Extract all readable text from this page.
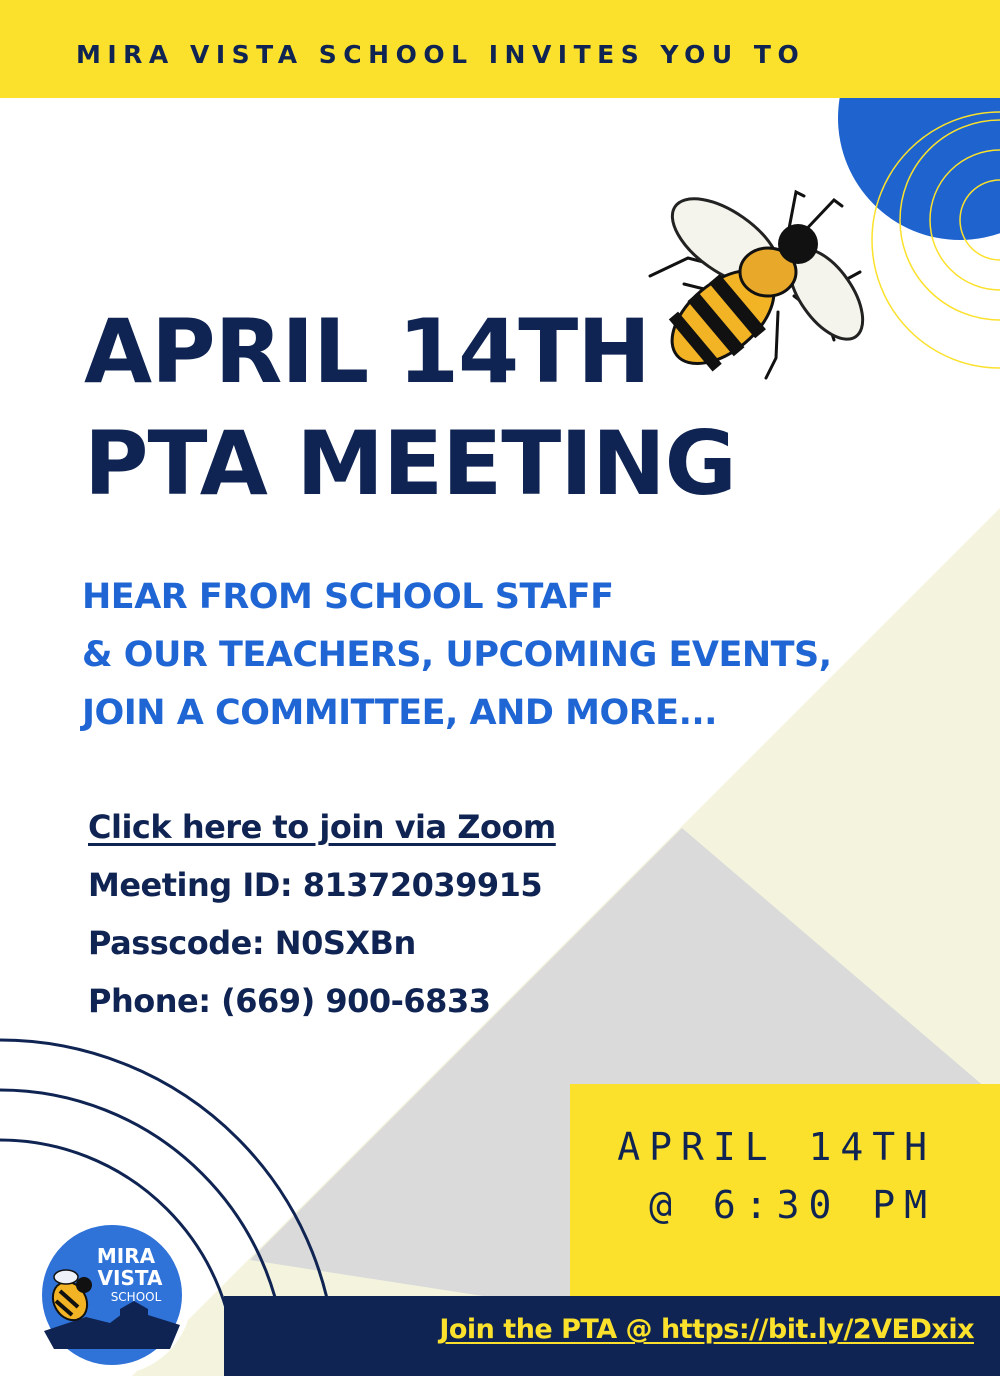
MIRA VISTA SCHOOL INVITES YOU TO
APRIL 14TH
PTA MEETING
HEAR FROM SCHOOL STAFF
& OUR TEACHERS, UPCOMING EVENTS,
JOIN A COMMITTEE, AND MORE...
Click here to join via Zoom
Meeting ID: 81372039915
Passcode: N0SXBn
Phone: (669) 900-6833
APRIL 14TH
@ 6:30 PM
Join the PTA @ https://bit.ly/2VEDxix
MIRA
VISTA
SCHOOL
